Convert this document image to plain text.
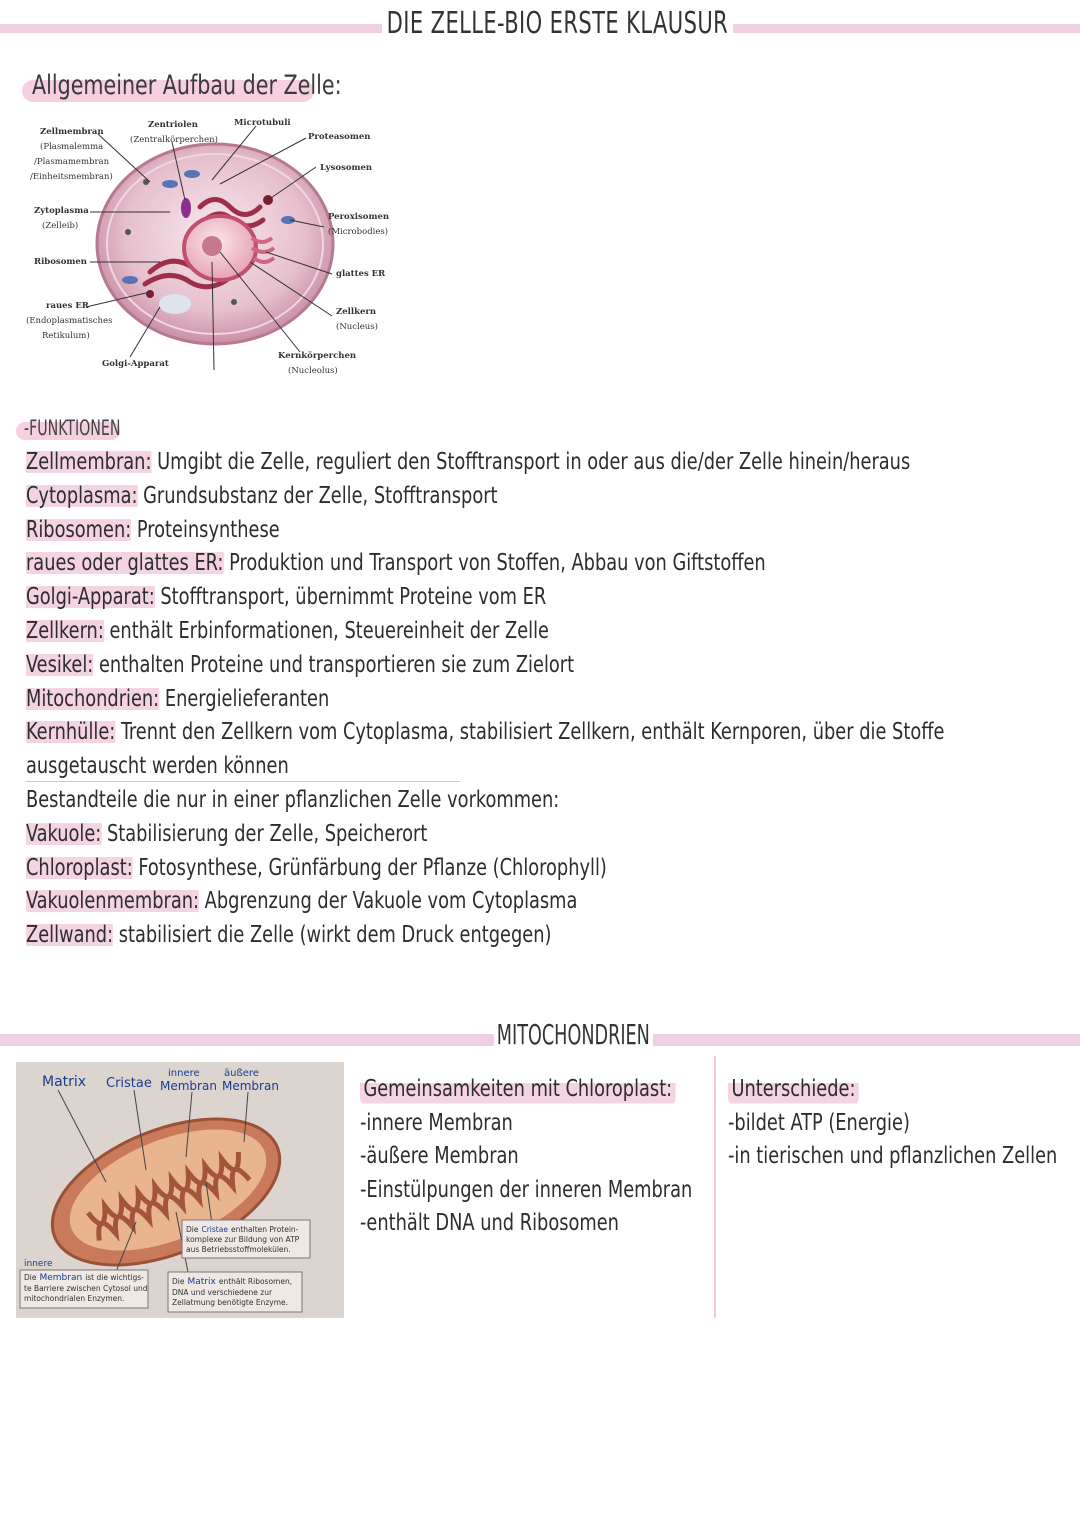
DIE ZELLE-BIO ERSTE KLAUSUR
Allgemeiner Aufbau der Zelle:
Zellmembran
(Plasmalemma
/Plasmamembran
/Einheitsmembran)
Zentriolen
(Zentralkörperchen)
Microtubuli
Proteasomen
Lysosomen
Peroxisomen
(Microbodies)
Zytoplasma
(Zelleib)
Ribosomen
glattes ER
raues ER
(Endoplasmatisches
Retikulum)
Zellkern
(Nucleus)
Golgi-Apparat
Kernkörperchen
(Nucleolus)
-FUNKTIONEN
Zellmembran: Umgibt die Zelle, reguliert den Stofftransport in oder aus die/der Zelle hinein/heraus
Cytoplasma: Grundsubstanz der Zelle, Stofftransport
Ribosomen: Proteinsynthese
raues oder glattes ER: Produktion und Transport von Stoffen, Abbau von Giftstoffen
Golgi-Apparat: Stofftransport, übernimmt Proteine vom ER
Zellkern: enthält Erbinformationen, Steuereinheit der Zelle
Vesikel: enthalten Proteine und transportieren sie zum Zielort
Mitochondrien: Energielieferanten
Kernhülle: Trennt den Zellkern vom Cytoplasma, stabilisiert Zellkern, enthält Kernporen, über die Stoffe
ausgetauscht werden können
Bestandteile die nur in einer pflanzlichen Zelle vorkommen:
Vakuole: Stabilisierung der Zelle, Speicherort
Chloroplast: Fotosynthese, Grünfärbung der Pflanze (Chlorophyll)
Vakuolenmembran: Abgrenzung der Vakuole vom Cytoplasma
Zellwand: stabilisiert die Zelle (wirkt dem Druck entgegen)
MITOCHONDRIEN
Matrix Cristae
innere
Membran
äußere
Membran
Die Cristae enthalten Protein-
komplexe zur Bildung von ATP
aus Betriebsstoffmolekülen.
innere
Die Membran ist die wichtigs-
te Barriere zwischen Cytosol und
mitochondrialen Enzymen.
Die Matrix enthält Ribosomen,
DNA und verschiedene zur
Zellatmung benötigte Enzyme.
Gemeinsamkeiten mit Chloroplast:
-innere Membran
-äußere Membran
-Einstülpungen der inneren Membran
-enthält DNA und Ribosomen
Unterschiede:
-bildet ATP (Energie)
-in tierischen und pflanzlichen Zellen
